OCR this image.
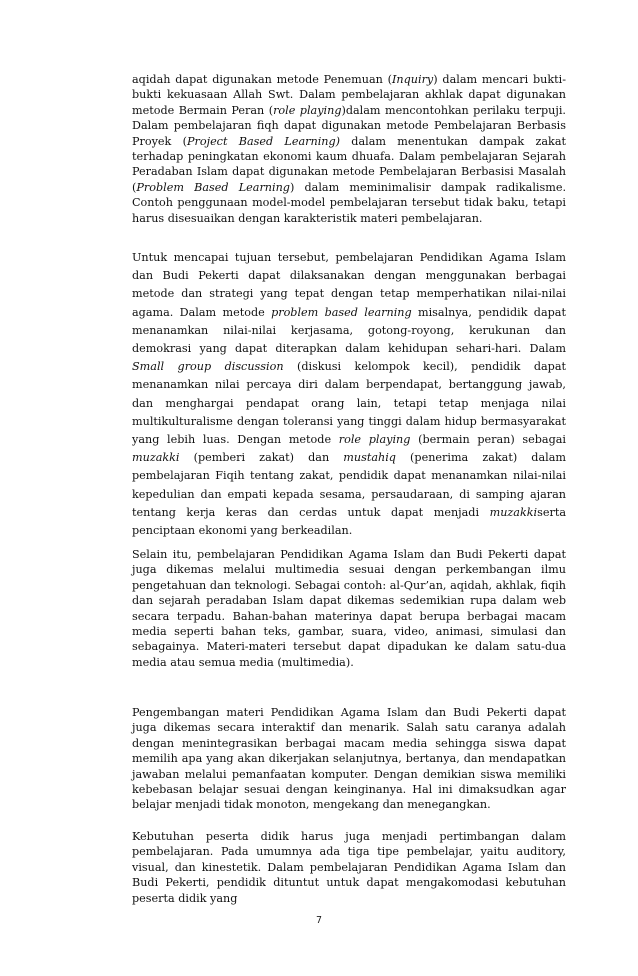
aqidah dapat digunakan metode Penemuan (Inquiry) dalam mencari bukti-bukti kekuasaan Allah Swt. Dalam pembelajaran akhlak dapat digunakan metode Bermain Peran (role playing)dalam mencontohkan perilaku terpuji. Dalam pembelajaran fiqh dapat digunakan metode Pembelajaran Berbasis Proyek (Project Based Learning) dalam menentukan dampak zakat terhadap peningkatan ekonomi kaum dhuafa. Dalam pembelajaran Sejarah Peradaban Islam dapat digunakan metode Pembelajaran Berbasisi Masalah (Problem Based Learning) dalam meminimalisir dampak radikalisme. Contoh penggunaan model-model pembelajaran tersebut tidak baku, tetapi harus disesuaikan dengan karakteristik materi pembelajaran.
Untuk mencapai tujuan tersebut, pembelajaran Pendidikan Agama Islam dan Budi Pekerti dapat dilaksanakan dengan menggunakan berbagai metode dan strategi yang tepat dengan tetap memperhatikan nilai-nilai agama. Dalam metode problem based learning misalnya, pendidik dapat menanamkan nilai-nilai kerjasama, gotong-royong, kerukunan dan demokrasi yang dapat diterapkan dalam kehidupan sehari-hari. Dalam Small group discussion (diskusi kelompok kecil), pendidik dapat menanamkan nilai percaya diri dalam berpendapat, bertanggung jawab, dan menghargai pendapat orang lain, tetapi tetap menjaga nilai multikulturalisme dengan toleransi yang tinggi dalam hidup bermasyarakat yang lebih luas. Dengan metode role playing (bermain peran) sebagai muzakki (pemberi zakat) dan mustahiq (penerima zakat) dalam pembelajaran Fiqih tentang zakat, pendidik dapat menanamkan nilai-nilai kepedulian dan empati kepada sesama, persaudaraan, di samping ajaran tentang kerja keras dan cerdas untuk dapat menjadi muzakkiserta penciptaan ekonomi yang berkeadilan.
Selain itu, pembelajaran Pendidikan Agama Islam dan Budi Pekerti dapat juga dikemas melalui multimedia sesuai dengan perkembangan ilmu pengetahuan dan teknologi. Sebagai contoh: al-Qur’an, aqidah, akhlak, fiqih dan sejarah peradaban Islam dapat dikemas sedemikian rupa dalam web secara terpadu. Bahan-bahan materinya dapat berupa berbagai macam media seperti bahan teks, gambar, suara, video, animasi, simulasi dan sebagainya. Materi-materi tersebut dapat dipadukan ke dalam satu-dua media atau semua media (multimedia).
Pengembangan materi Pendidikan Agama Islam dan Budi Pekerti dapat juga dikemas secara interaktif dan menarik. Salah satu caranya adalah dengan menintegrasikan berbagai macam media sehingga siswa dapat memilih apa yang akan dikerjakan selanjutnya, bertanya, dan mendapatkan jawaban melalui pemanfaatan komputer. Dengan demikian siswa memiliki kebebasan belajar sesuai dengan keinginanya. Hal ini dimaksudkan agar belajar menjadi tidak monoton, mengekang dan menegangkan.
Kebutuhan peserta didik harus juga menjadi pertimbangan dalam pembelajaran. Pada umumnya ada tiga tipe pembelajar, yaitu auditory, visual, dan kinestetik. Dalam pembelajaran Pendidikan Agama Islam dan Budi Pekerti, pendidik dituntut untuk dapat mengakomodasi kebutuhan peserta didik yang
7
